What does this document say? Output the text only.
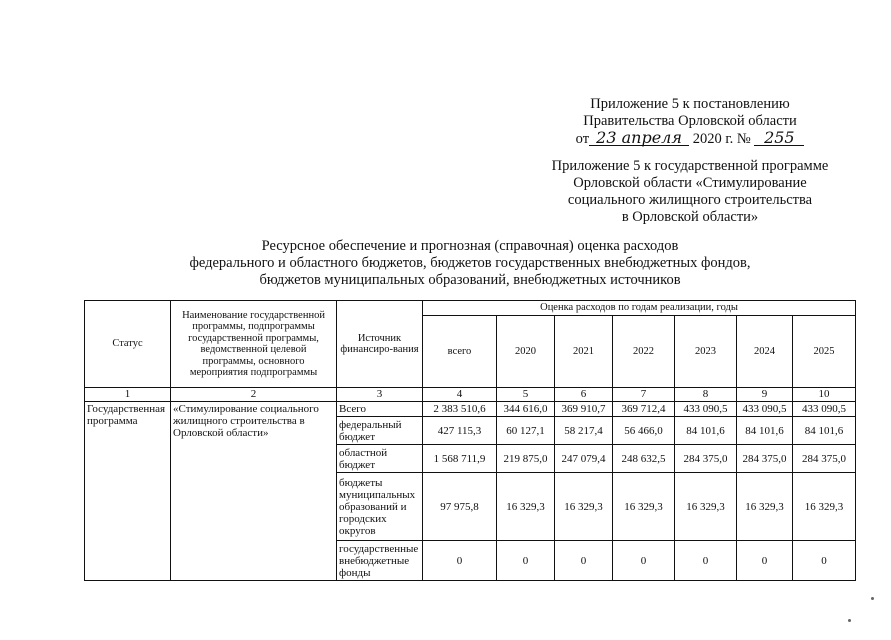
Приложение 5 к постановлению
Правительства Орловской области
от 23 апреля 2020 г. № 255
Приложение 5 к государственной программе
Орловской области «Стимулирование
социального жилищного строительства
в Орловской области»
Ресурсное обеспечение и прогнозная (справочная) оценка расходов
федерального и областного бюджетов, бюджетов государственных внебюджетных фондов,
бюджетов муниципальных образований, внебюджетных источников
Статус	Наименование государственной программы, подпрограммы государственной программы, ведомственной целевой программы, основного мероприятия подпрограммы	Источник финансиро-вания	Оценка расходов по годам реализации, годы						
			всего	2020	2021	2022	2023	2024	2025
1	2	3	4	5	6	7	8	9	10
Государственная программа	«Стимулирование социального жилищного строительства в Орловской области»	Всего	2 383 510,6	344 616,0	369 910,7	369 712,4	433 090,5	433 090,5	433 090,5
		федеральный бюджет	427 115,3	60 127,1	58 217,4	56 466,0	84 101,6	84 101,6	84 101,6
		областной бюджет	1 568 711,9	219 875,0	247 079,4	248 632,5	284 375,0	284 375,0	284 375,0
		бюджеты муниципальных образований и городских округов	97 975,8	16 329,3	16 329,3	16 329,3	16 329,3	16 329,3	16 329,3
		государственные внебюджетные фонды	0	0	0	0	0	0	0
